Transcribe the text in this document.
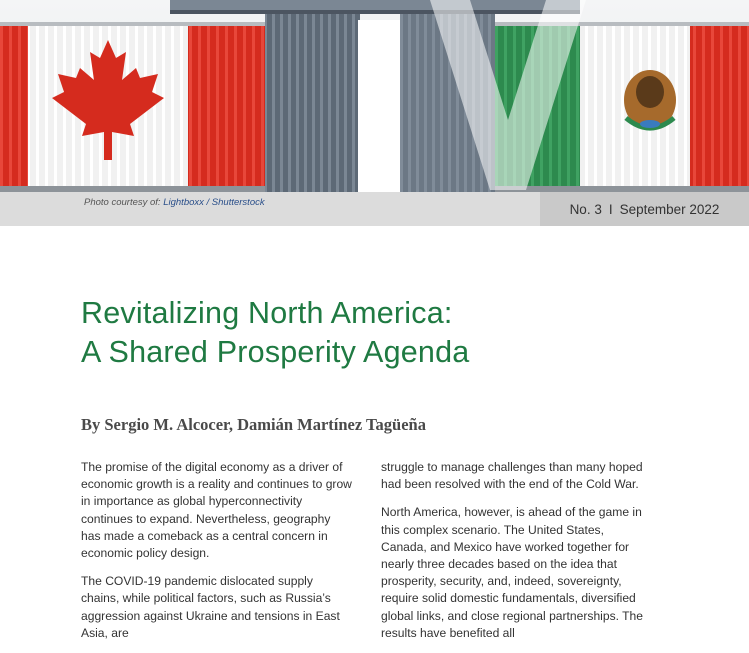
Photo courtesy of: Lightboxx / Shutterstock	No. 3 I September 2022
Revitalizing North America:
A Shared Prosperity Agenda
By Sergio M. Alcocer, Damián Martínez Tagüeña

The promise of the digital economy as a driver of economic growth is a reality and continues to grow in importance as global hyperconnectivity continues to expand. Nevertheless, geography has made a comeback as a central concern in economic policy design.

The COVID-19 pandemic dislocated supply chains, while political factors, such as Russia’s aggression against Ukraine and tensions in East Asia, are

struggle to manage challenges than many hoped had been resolved with the end of the Cold War.

North America, however, is ahead of the game in this complex scenario. The United States, Canada, and Mexico have worked together for nearly three decades based on the idea that prosperity, security, and, indeed, sovereignty, require solid domestic fundamentals, diversified global links, and close regional partnerships. The results have benefited all
